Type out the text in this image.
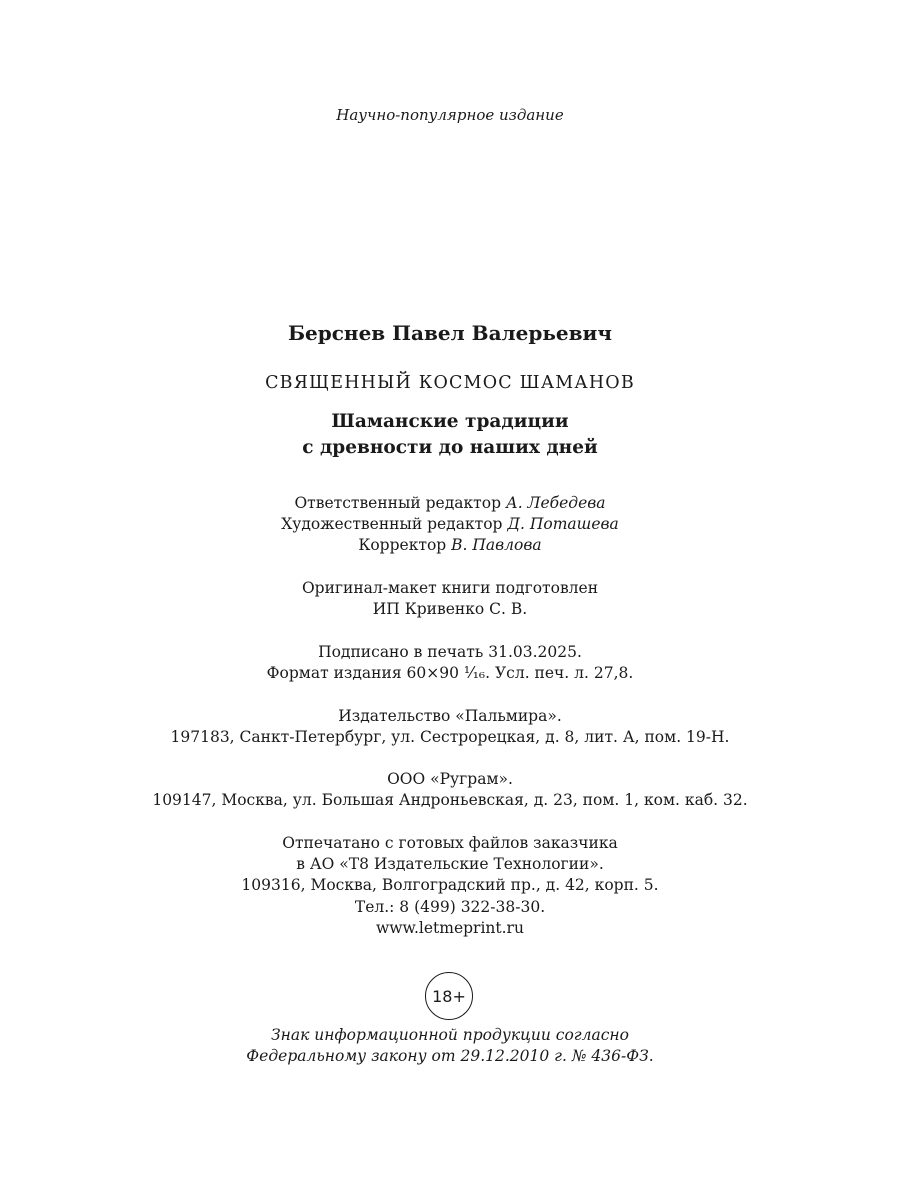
Научно-популярное издание
Берснев Павел Валерьевич
СВЯЩЕННЫЙ КОСМОС ШАМАНОВ
Шаманские традиции
с древности до наших дней
Ответственный редактор А. Лебедева
Художественный редактор Д. Поташева
Корректор В. Павлова
Оригинал-макет книги подготовлен
ИП Кривенко С. В.
Подписано в печать 31.03.2025.
Формат издания 60×90 ¹⁄₁₆. Усл. печ. л. 27,8.
Издательство «Пальмира».
197183, Санкт-Петербург, ул. Сестрорецкая, д. 8, лит. А, пом. 19-Н.
ООО «Руграм».
109147, Москва, ул. Большая Андроньевская, д. 23, пом. 1, ком. каб. 32.
Отпечатано с готовых файлов заказчика
в АО «Т8 Издательские Технологии».
109316, Москва, Волгоградский пр., д. 42, корп. 5.
Тел.: 8 (499) 322-38-30.
www.letmeprint.ru
18+
Знак информационной продукции согласно
Федеральному закону от 29.12.2010 г. № 436-ФЗ.
